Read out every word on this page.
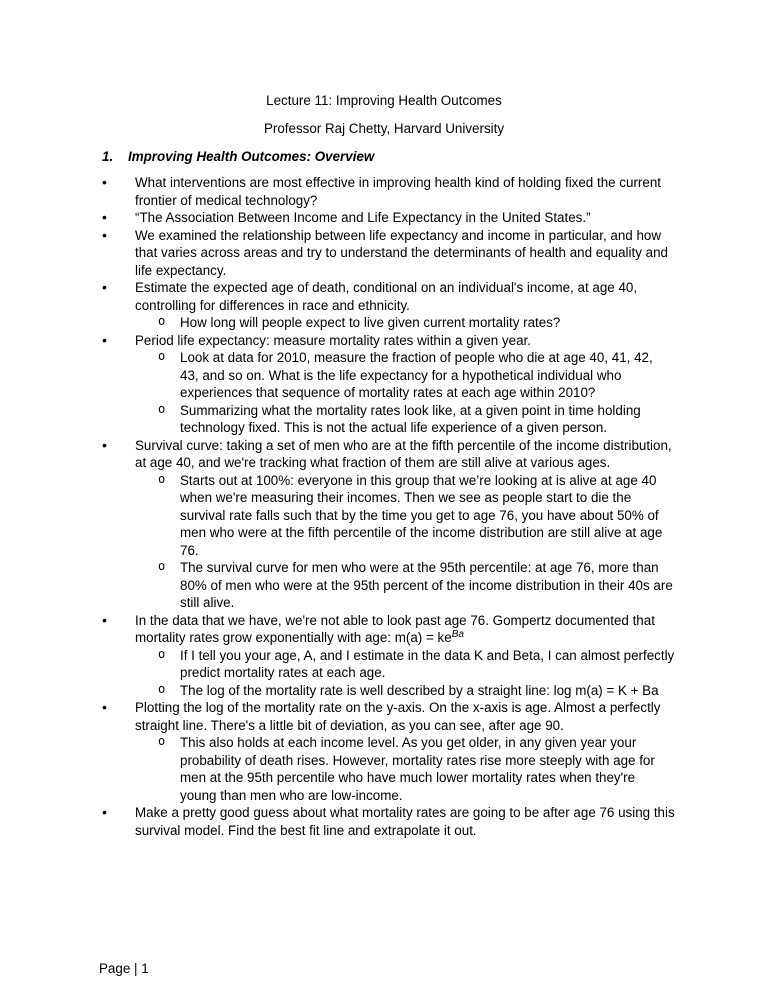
Lecture 11: Improving Health Outcomes

Professor Raj Chetty, Harvard University

1. Improving Health Outcomes: Overview

• What interventions are most effective in improving health kind of holding fixed the current frontier of medical technology?
• “The Association Between Income and Life Expectancy in the United States.”
• We examined the relationship between life expectancy and income in particular, and how that varies across areas and try to understand the determinants of health and equality and life expectancy.
• Estimate the expected age of death, conditional on an individual's income, at age 40, controlling for differences in race and ethnicity.
o How long will people expect to live given current mortality rates?
• Period life expectancy: measure mortality rates within a given year.
o Look at data for 2010, measure the fraction of people who die at age 40, 41, 42, 43, and so on. What is the life expectancy for a hypothetical individual who experiences that sequence of mortality rates at each age within 2010?
o Summarizing what the mortality rates look like, at a given point in time holding technology fixed. This is not the actual life experience of a given person.
• Survival curve: taking a set of men who are at the fifth percentile of the income distribution, at age 40, and we're tracking what fraction of them are still alive at various ages.
o Starts out at 100%: everyone in this group that we’re looking at is alive at age 40 when we're measuring their incomes. Then we see as people start to die the survival rate falls such that by the time you get to age 76, you have about 50% of men who were at the fifth percentile of the income distribution are still alive at age 76.
o The survival curve for men who were at the 95th percentile: at age 76, more than 80% of men who were at the 95th percent of the income distribution in their 40s are still alive.
• In the data that we have, we're not able to look past age 76. Gompertz documented that mortality rates grow exponentially with age: $m(a) = ke^{Ba}$
o If I tell you your age, A, and I estimate in the data K and Beta, I can almost perfectly predict mortality rates at each age.
o The log of the mortality rate is well described by a straight line: log m(a) = K + Ba
• Plotting the log of the mortality rate on the y-axis. On the x-axis is age. Almost a perfectly straight line. There's a little bit of deviation, as you can see, after age 90.
o This also holds at each income level. As you get older, in any given year your probability of death rises. However, mortality rates rise more steeply with age for men at the 95th percentile who have much lower mortality rates when they're young than men who are low-income.
• Make a pretty good guess about what mortality rates are going to be after age 76 using this survival model. Find the best fit line and extrapolate it out.

Page | 1
